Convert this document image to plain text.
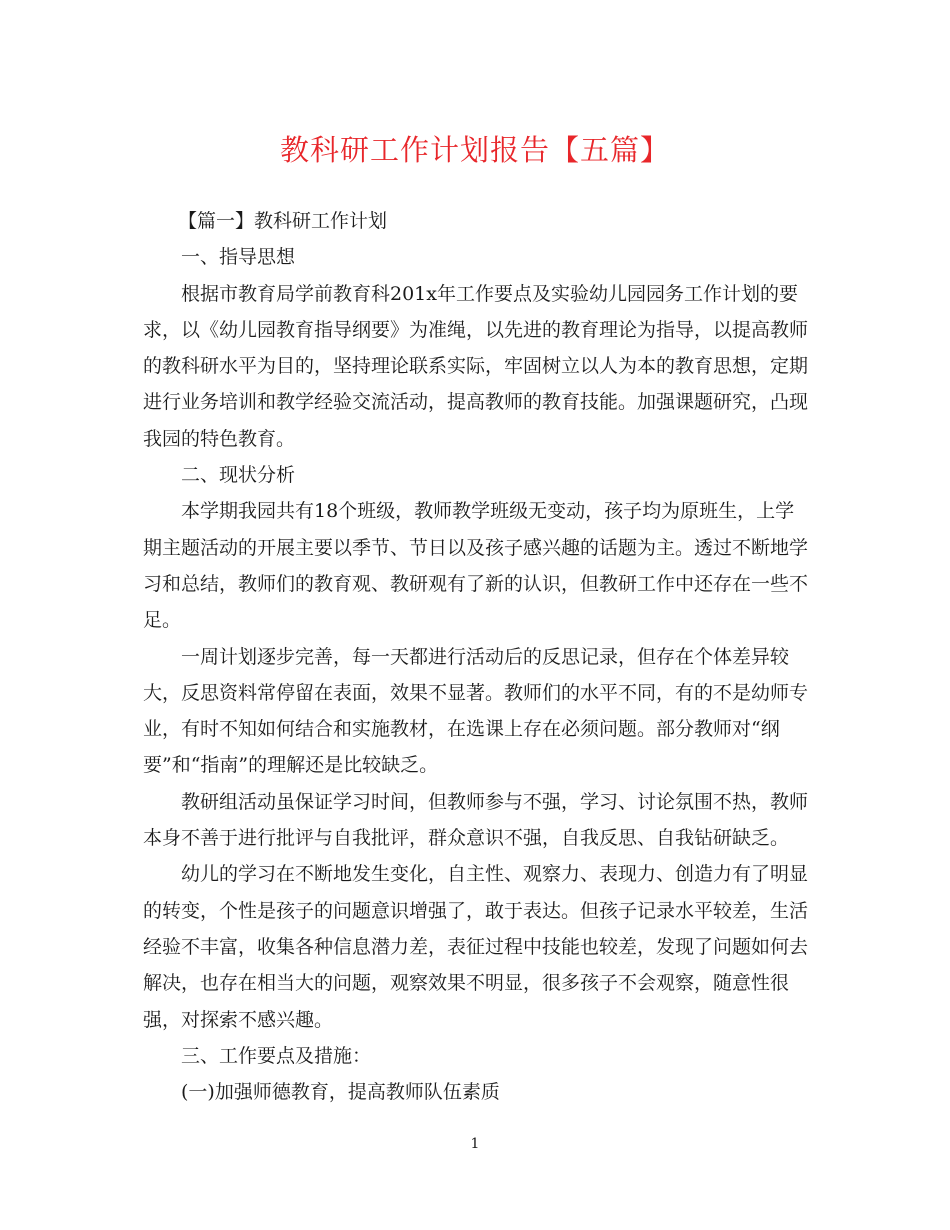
教科研工作计划报告【五篇】

【篇一】教科研工作计划

一、指导思想

根据市教育局学前教育科201x年工作要点及实验幼儿园园务工作计划的要求，以《幼儿园教育指导纲要》为准绳，以先进的教育理论为指导，以提高教师的教科研水平为目的，坚持理论联系实际，牢固树立以人为本的教育思想，定期进行业务培训和教学经验交流活动，提高教师的教育技能。加强课题研究，凸现我园的特色教育。

二、现状分析

本学期我园共有18个班级，教师教学班级无变动，孩子均为原班生，上学期主题活动的开展主要以季节、节日以及孩子感兴趣的话题为主。透过不断地学习和总结，教师们的教育观、教研观有了新的认识，但教研工作中还存在一些不足。

一周计划逐步完善，每一天都进行活动后的反思记录，但存在个体差异较大，反思资料常停留在表面，效果不显著。教师们的水平不同，有的不是幼师专业，有时不知如何结合和实施教材，在选课上存在必须问题。部分教师对“纲要”和“指南”的理解还是比较缺乏。

教研组活动虽保证学习时间，但教师参与不强，学习、讨论氛围不热，教师本身不善于进行批评与自我批评，群众意识不强，自我反思、自我钻研缺乏。

幼儿的学习在不断地发生变化，自主性、观察力、表现力、创造力有了明显的转变，个性是孩子的问题意识增强了，敢于表达。但孩子记录水平较差，生活经验不丰富，收集各种信息潜力差，表征过程中技能也较差，发现了问题如何去解决，也存在相当大的问题，观察效果不明显，很多孩子不会观察，随意性很强，对探索不感兴趣。

三、工作要点及措施：

(一)加强师德教育，提高教师队伍素质

1
